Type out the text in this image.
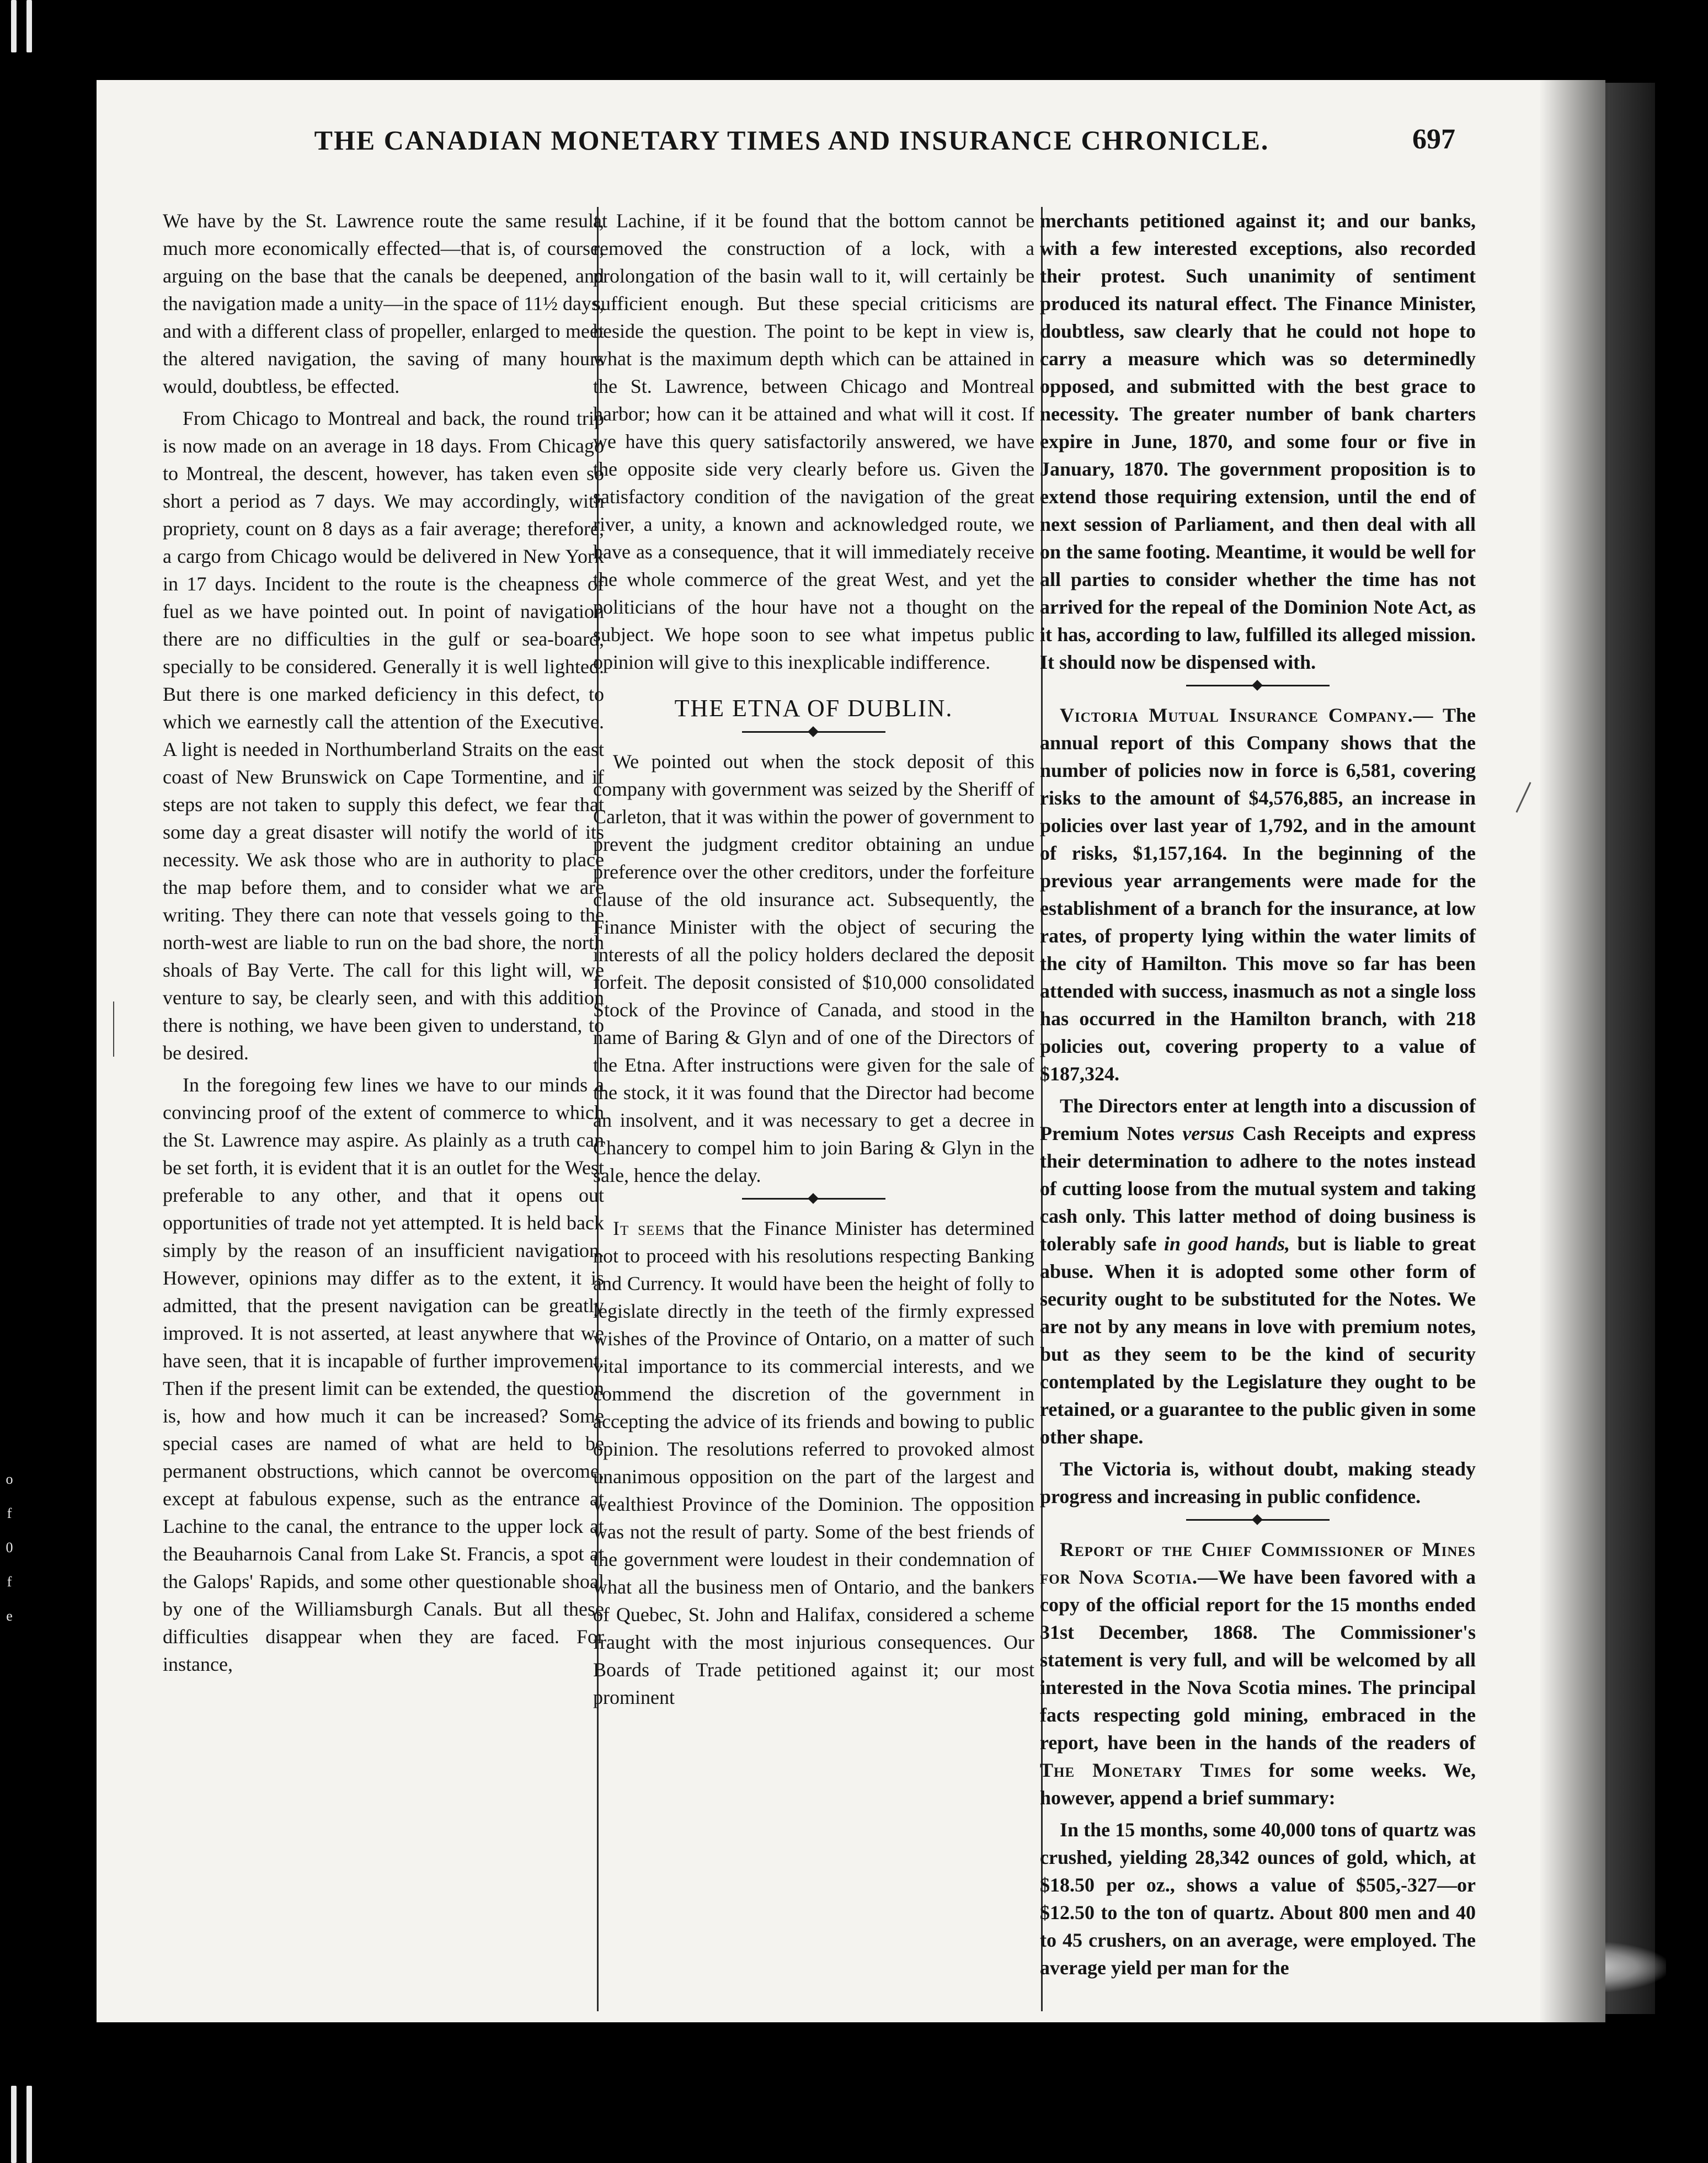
o
f
0
f
e
THE CANADIAN MONETARY TIMES AND INSURANCE CHRONICLE.	697

We have by the St. Lawrence route the same result, much more economically effected—that is, of course, arguing on the base that the canals be deepened, and the navigation made a unity—in the space of 11½ days, and with a different class of propeller, enlarged to meet the altered navigation, the saving of many hours would, doubtless, be effected.

From Chicago to Montreal and back, the round trip is now made on an average in 18 days. From Chicago to Montreal, the descent, however, has taken even so short a period as 7 days. We may accordingly, with propriety, count on 8 days as a fair average; therefore, a cargo from Chicago would be delivered in New York in 17 days. Incident to the route is the cheapness of fuel as we have pointed out. In point of navigation there are no difficulties in the gulf or sea-board, specially to be considered. Generally it is well lighted. But there is one marked deficiency in this defect, to which we earnestly call the attention of the Executive. A light is needed in Northumberland Straits on the east coast of New Brunswick on Cape Tormentine, and if steps are not taken to supply this defect, we fear that some day a great disaster will notify the world of its necessity. We ask those who are in authority to place the map before them, and to consider what we are writing. They there can note that vessels going to the north-west are liable to run on the bad shore, the north shoals of Bay Verte. The call for this light will, we venture to say, be clearly seen, and with this addition there is nothing, we have been given to understand, to be desired.

In the foregoing few lines we have to our minds a convincing proof of the extent of commerce to which the St. Lawrence may aspire. As plainly as a truth can be set forth, it is evident that it is an outlet for the West preferable to any other, and that it opens out opportunities of trade not yet attempted. It is held back simply by the reason of an insufficient navigation. However, opinions may differ as to the extent, it is admitted, that the present navigation can be greatly improved. It is not asserted, at least anywhere that we have seen, that it is incapable of further improvement. Then if the present limit can be extended, the question is, how and how much it can be increased? Some special cases are named of what are held to be permanent obstructions, which cannot be overcome, except at fabulous expense, such as the entrance at Lachine to the canal, the entrance to the upper lock at the Beauharnois Canal from Lake St. Francis, a spot at the Galops' Rapids, and some other questionable shoal by one of the Williamsburgh Canals. But all these difficulties disappear when they are faced. For instance,

at Lachine, if it be found that the bottom cannot be removed the construction of a lock, with a prolongation of the basin wall to it, will certainly be sufficient enough. But these special criticisms are beside the question. The point to be kept in view is, what is the maximum depth which can be attained in the St. Lawrence, between Chicago and Montreal harbor; how can it be attained and what will it cost. If we have this query satisfactorily answered, we have the opposite side very clearly before us. Given the satisfactory condition of the navigation of the great river, a unity, a known and acknowledged route, we have as a consequence, that it will immediately receive the whole commerce of the great West, and yet the politicians of the hour have not a thought on the subject. We hope soon to see what impetus public opinion will give to this inexplicable indifference.

THE ETNA OF DUBLIN.

We pointed out when the stock deposit of this company with government was seized by the Sheriff of Carleton, that it was within the power of government to prevent the judgment creditor obtaining an undue preference over the other creditors, under the forfeiture clause of the old insurance act. Subsequently, the Finance Minister with the object of securing the interests of all the policy holders declared the deposit forfeit. The deposit consisted of $10,000 consolidated Stock of the Province of Canada, and stood in the name of Baring & Glyn and of one of the Directors of the Etna. After instructions were given for the sale of the stock, it it was found that the Director had become an insolvent, and it was necessary to get a decree in Chancery to compel him to join Baring & Glyn in the sale, hence the delay.

It seems that the Finance Minister has determined not to proceed with his resolutions respecting Banking and Currency. It would have been the height of folly to legislate directly in the teeth of the firmly expressed wishes of the Province of Ontario, on a matter of such vital importance to its commercial interests, and we commend the discretion of the government in accepting the advice of its friends and bowing to public opinion. The resolutions referred to provoked almost unanimous opposition on the part of the largest and wealthiest Province of the Dominion. The opposition was not the result of party. Some of the best friends of the government were loudest in their condemnation of what all the business men of Ontario, and the bankers of Quebec, St. John and Halifax, considered a scheme fraught with the most injurious consequences. Our Boards of Trade petitioned against it; our most prominent

merchants petitioned against it; and our banks, with a few interested exceptions, also recorded their protest. Such unanimity of sentiment produced its natural effect. The Finance Minister, doubtless, saw clearly that he could not hope to carry a measure which was so determinedly opposed, and submitted with the best grace to necessity. The greater number of bank charters expire in June, 1870, and some four or five in January, 1870. The government proposition is to extend those requiring extension, until the end of next session of Parliament, and then deal with all on the same footing. Meantime, it would be well for all parties to consider whether the time has not arrived for the repeal of the Dominion Note Act, as it has, according to law, fulfilled its alleged mission. It should now be dispensed with.

Victoria Mutual Insurance Company.— The annual report of this Company shows that the number of policies now in force is 6,581, covering risks to the amount of $4,576,885, an increase in policies over last year of 1,792, and in the amount of risks, $1,157,164. In the beginning of the previous year arrangements were made for the establishment of a branch for the insurance, at low rates, of property lying within the water limits of the city of Hamilton. This move so far has been attended with success, inasmuch as not a single loss has occurred in the Hamilton branch, with 218 policies out, covering property to a value of $187,324.

The Directors enter at length into a discussion of Premium Notes versus Cash Receipts and express their determination to adhere to the notes instead of cutting loose from the mutual system and taking cash only. This latter method of doing business is tolerably safe in good hands, but is liable to great abuse. When it is adopted some other form of security ought to be substituted for the Notes. We are not by any means in love with premium notes, but as they seem to be the kind of security contemplated by the Legislature they ought to be retained, or a guarantee to the public given in some other shape.

The Victoria is, without doubt, making steady progress and increasing in public confidence.

Report of the Chief Commissioner of Mines for Nova Scotia.—We have been favored with a copy of the official report for the 15 months ended 31st December, 1868. The Commissioner's statement is very full, and will be welcomed by all interested in the Nova Scotia mines. The principal facts respecting gold mining, embraced in the report, have been in the hands of the readers of The Monetary Times for some weeks. We, however, append a brief summary:

In the 15 months, some 40,000 tons of quartz was crushed, yielding 28,342 ounces of gold, which, at $18.50 per oz., shows a value of $505,-327—or $12.50 to the ton of quartz. About 800 men and 40 to 45 crushers, on an average, were employed. The average yield per man for the
